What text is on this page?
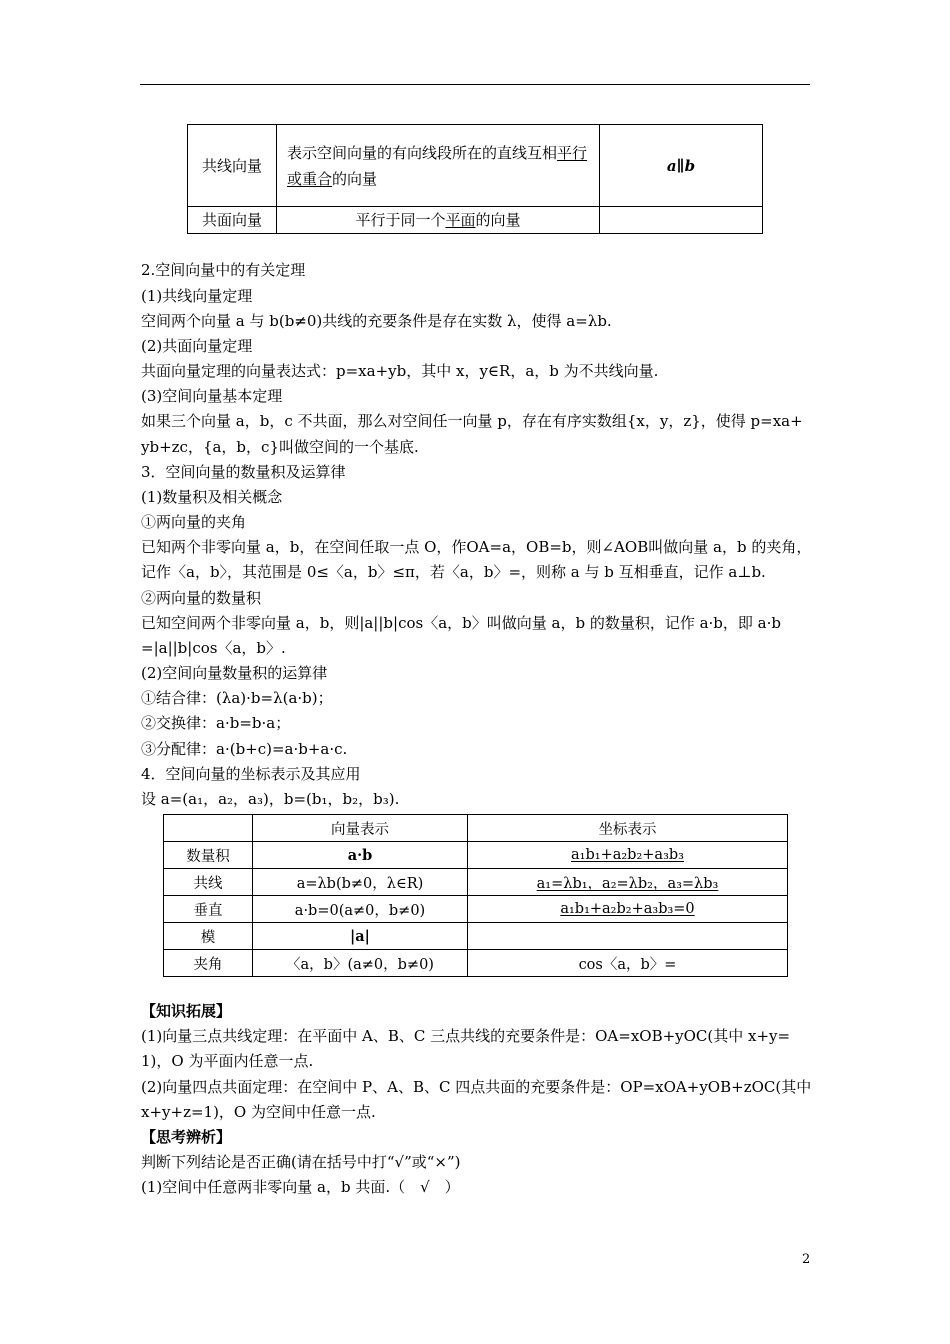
共线向量	表示空间向量的有向线段所在的直线互相平行或重合的向量	a∥b
共面向量	平行于同一个平面的向量	
2.空间向量中的有关定理
(1)共线向量定理
空间两个向量 a 与 b(b≠0)共线的充要条件是存在实数 λ，使得 a=λb.
(2)共面向量定理
共面向量定理的向量表达式：p=xa+yb，其中 x，y∈R，a，b 为不共线向量.
(3)空间向量基本定理
如果三个向量 a，b，c 不共面，那么对空间任一向量 p，存在有序实数组{x，y，z}，使得 p=xa+
yb+zc，{a，b，c}叫做空间的一个基底.
3．空间向量的数量积及运算律
(1)数量积及相关概念
①两向量的夹角
已知两个非零向量 a，b，在空间任取一点 O，作OA=a，OB=b，则∠AOB叫做向量 a，b 的夹角，
记作〈a，b〉，其范围是 0≤〈a，b〉≤π，若〈a，b〉=，则称 a 与 b 互相垂直，记作 a⊥b.
②两向量的数量积
已知空间两个非零向量 a，b，则|a||b|cos〈a，b〉叫做向量 a，b 的数量积，记作 a·b，即 a·b
=|a||b|cos〈a，b〉.
(2)空间向量数量积的运算律
①结合律：(λa)·b=λ(a·b)；
②交换律：a·b=b·a；
③分配律：a·(b+c)=a·b+a·c.
4．空间向量的坐标表示及其应用
设 a=(a₁，a₂，a₃)，b=(b₁，b₂，b₃).
	向量表示	坐标表示
数量积	a·b	a₁b₁+a₂b₂+a₃b₃
共线	a=λb(b≠0，λ∈R)	a₁=λb₁，a₂=λb₂，a₃=λb₃
垂直	a·b=0(a≠0，b≠0)	a₁b₁+a₂b₂+a₃b₃=0
模	|a|	
夹角	〈a，b〉(a≠0，b≠0)	cos〈a，b〉=
【知识拓展】
(1)向量三点共线定理：在平面中 A、B、C 三点共线的充要条件是：OA=xOB+yOC(其中 x+y=
1)，O 为平面内任意一点.
(2)向量四点共面定理：在空间中 P、A、B、C 四点共面的充要条件是：OP=xOA+yOB+zOC(其中
x+y+z=1)，O 为空间中任意一点.
【思考辨析】
判断下列结论是否正确(请在括号中打“√”或“×”)
(1)空间中任意两非零向量 a，b 共面.（　√　）
2
